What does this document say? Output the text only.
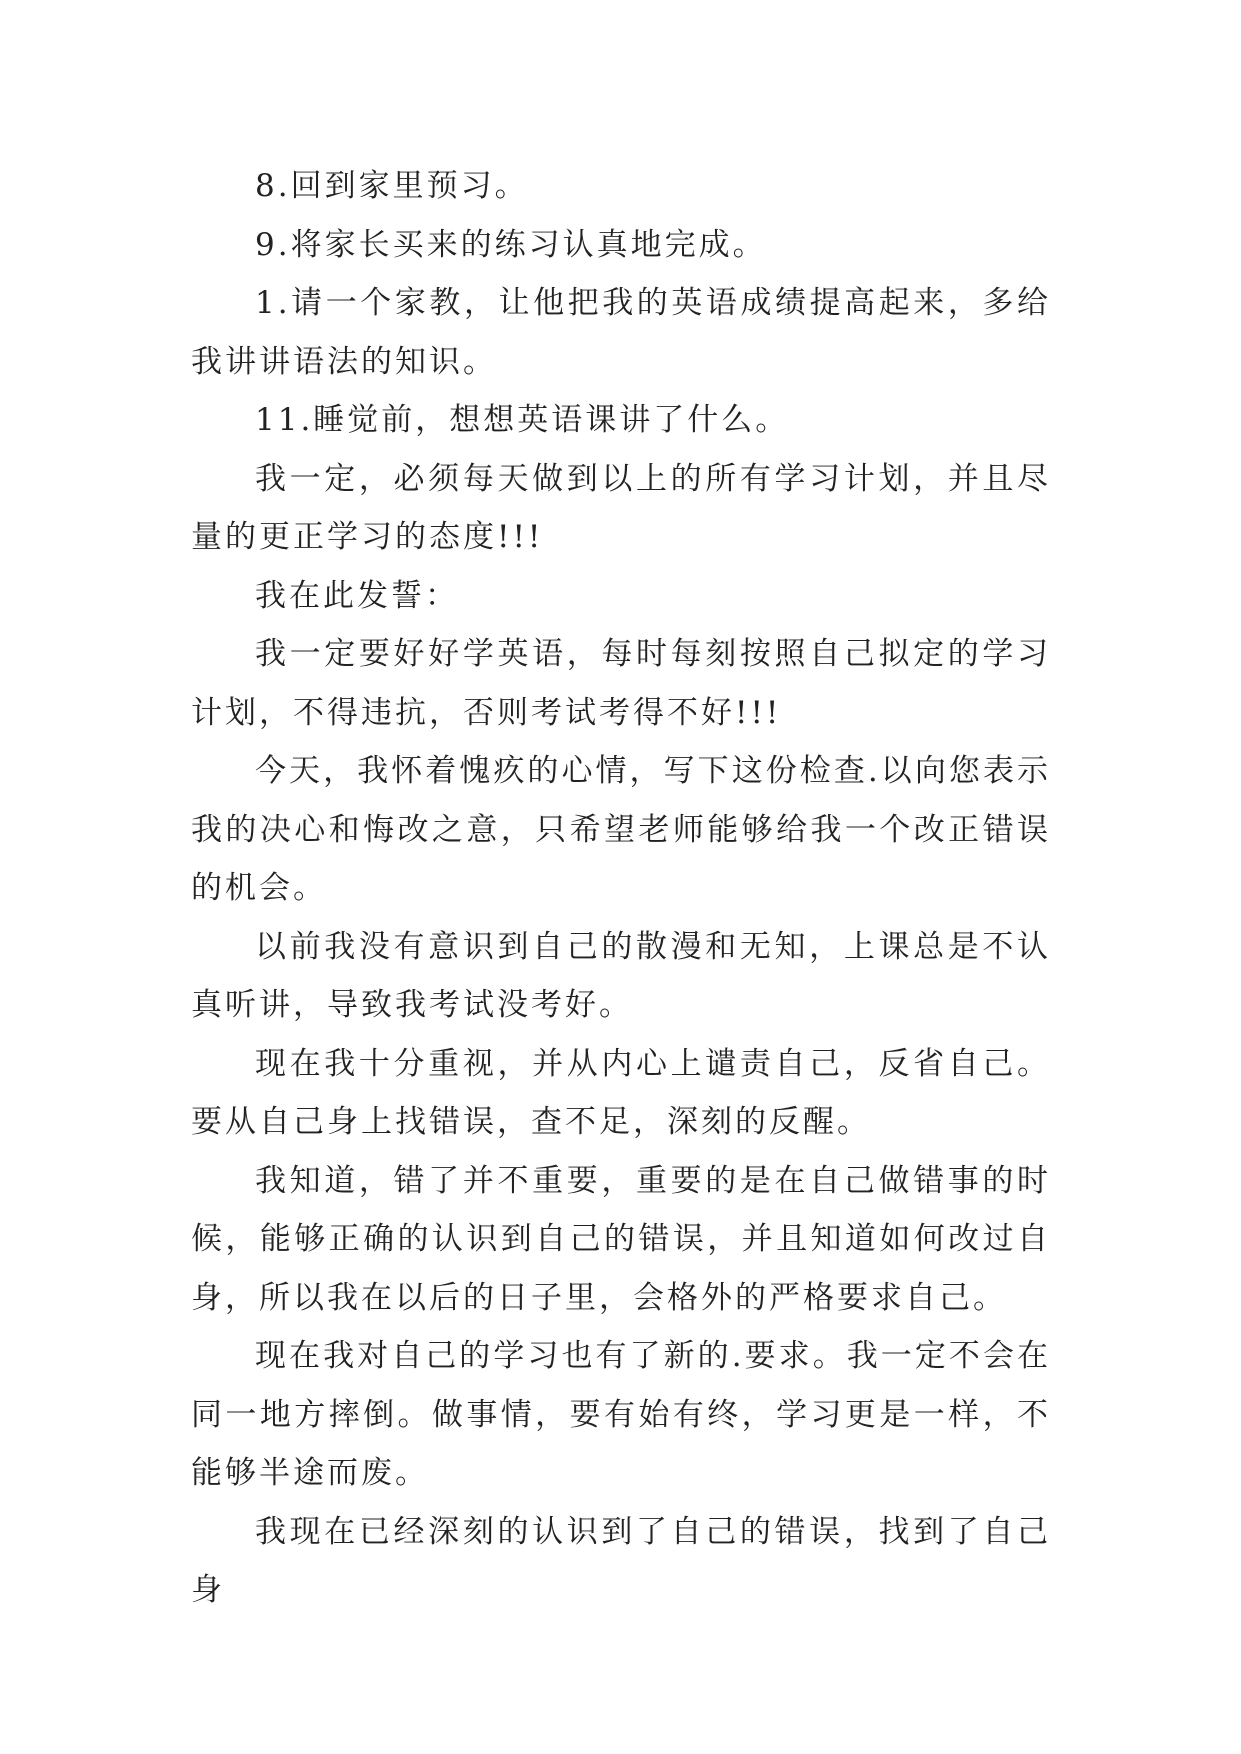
8.回到家里预习。

9.将家长买来的练习认真地完成。

1.请一个家教，让他把我的英语成绩提高起来，多给我讲讲语法的知识。

11.睡觉前，想想英语课讲了什么。

我一定，必须每天做到以上的所有学习计划，并且尽量的更正学习的态度!!!

我在此发誓：

我一定要好好学英语，每时每刻按照自己拟定的学习计划，不得违抗，否则考试考得不好!!!

今天，我怀着愧疚的心情，写下这份检查.以向您表示我的决心和悔改之意，只希望老师能够给我一个改正错误的机会。

以前我没有意识到自己的散漫和无知，上课总是不认真听讲，导致我考试没考好。

现在我十分重视，并从内心上谴责自己，反省自己。要从自己身上找错误，查不足，深刻的反醒。

我知道，错了并不重要，重要的是在自己做错事的时候，能够正确的认识到自己的错误，并且知道如何改过自身，所以我在以后的日子里，会格外的严格要求自己。

现在我对自己的学习也有了新的.要求。我一定不会在同一地方摔倒。做事情，要有始有终，学习更是一样，不能够半途而废。

我现在已经深刻的认识到了自己的错误，找到了自己身
